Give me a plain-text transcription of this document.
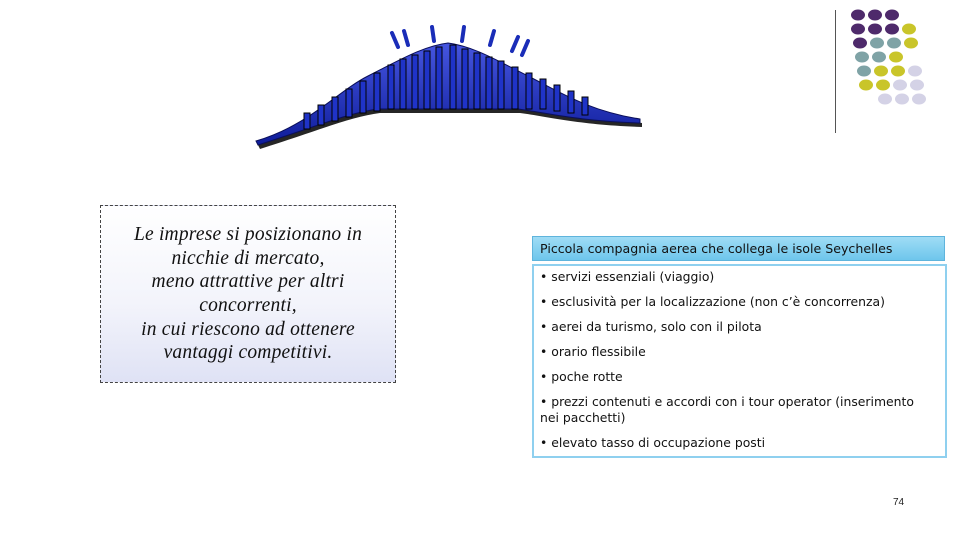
Le imprese si posizionano in
nicchie di mercato,
meno attrattive per altri
concorrenti,
in cui riescono ad ottenere
vantaggi competitivi.
Piccola compagnia aerea che collega le isole Seychelles
• servizi essenziali (viaggio)
• esclusività per la localizzazione (non c’è concorrenza)
• aerei da turismo, solo con il pilota
• orario flessibile
• poche rotte
• prezzi contenuti e accordi con i tour operator (inserimento
nei pacchetti)
• elevato tasso di occupazione posti
74
